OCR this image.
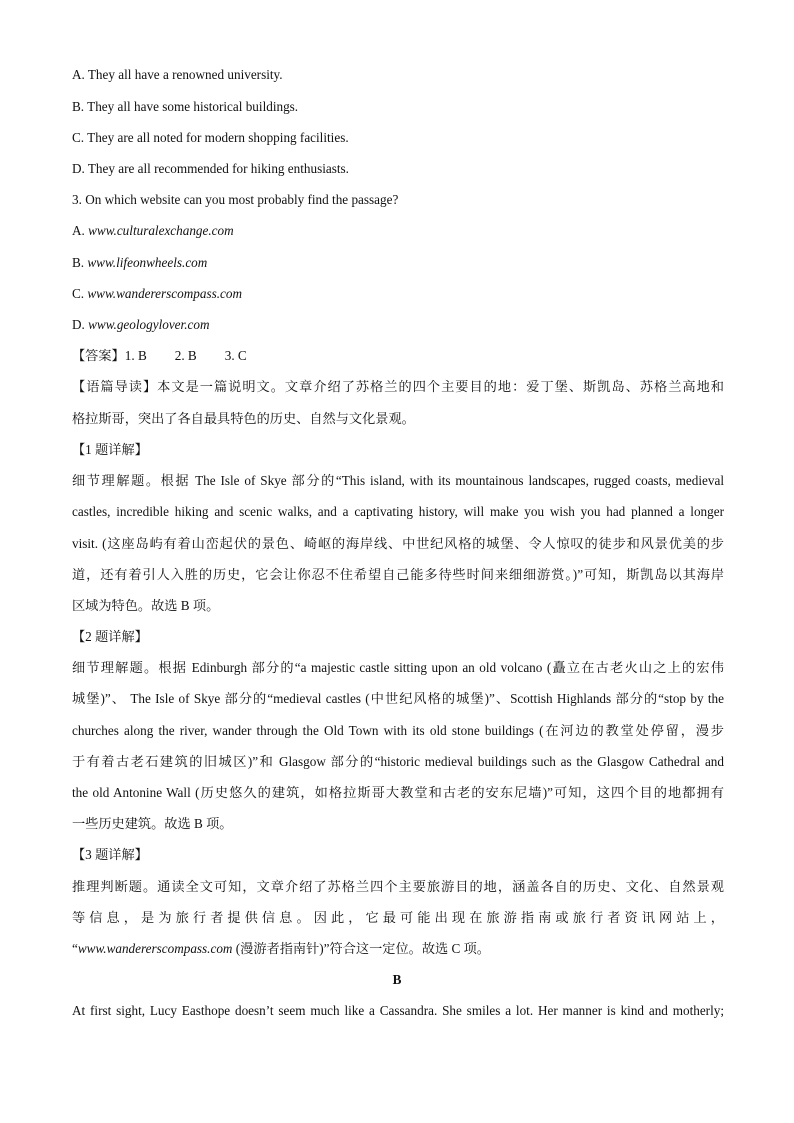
A. They all have a renowned university.
B. They all have some historical buildings.
C. They are all noted for modern shopping facilities.
D. They are all recommended for hiking enthusiasts.
3. On which website can you most probably find the passage?
A. www.culturalexchange.com
B. www.lifeonwheels.com
C. www.wandererscompass.com
D. www.geologylover.com
【答案】1. B 2. B 3. C
【语篇导读】本文是一篇说明文。文章介绍了苏格兰的四个主要目的地：爱丁堡、斯凯岛、苏格兰高地和
格拉斯哥，突出了各自最具特色的历史、自然与文化景观。
【1 题详解】
细节理解题。根据 The Isle of Skye 部分的“This island, with its mountainous landscapes, rugged coasts, medieval
castles, incredible hiking and scenic walks, and a captivating history, will make you wish you had planned a longer
visit. (这座岛屿有着山峦起伏的景色、崎岖的海岸线、中世纪风格的城堡、令人惊叹的徒步和风景优美的步
道，还有着引人入胜的历史，它会让你忍不住希望自己能多待些时间来细细游赏。)”可知，斯凯岛以其海岸
区域为特色。故选 B 项。
【2 题详解】
细节理解题。根据 Edinburgh 部分的“a majestic castle sitting upon an old volcano (矗立在古老火山之上的宏伟
城堡)”、 The Isle of Skye 部分的“medieval castles (中世纪风格的城堡)”、Scottish Highlands 部分的“stop by the
churches along the river, wander through the Old Town with its old stone buildings (在河边的教堂处停留，漫步
于有着古老石建筑的旧城区)”和 Glasgow 部分的“historic medieval buildings such as the Glasgow Cathedral and
the old Antonine Wall (历史悠久的建筑，如格拉斯哥大教堂和古老的安东尼墙)”可知，这四个目的地都拥有
一些历史建筑。故选 B 项。
【3 题详解】
推理判断题。通读全文可知，文章介绍了苏格兰四个主要旅游目的地，涵盖各自的历史、文化、自然景观
等信息，是为旅行者提供信息。因此，它最可能出现在旅游指南或旅行者资讯网站上，
“www.wandererscompass.com (漫游者指南针)”符合这一定位。故选 C 项。
B
At first sight, Lucy Easthope doesn’t seem much like a Cassandra. She smiles a lot. Her manner is kind and motherly;
